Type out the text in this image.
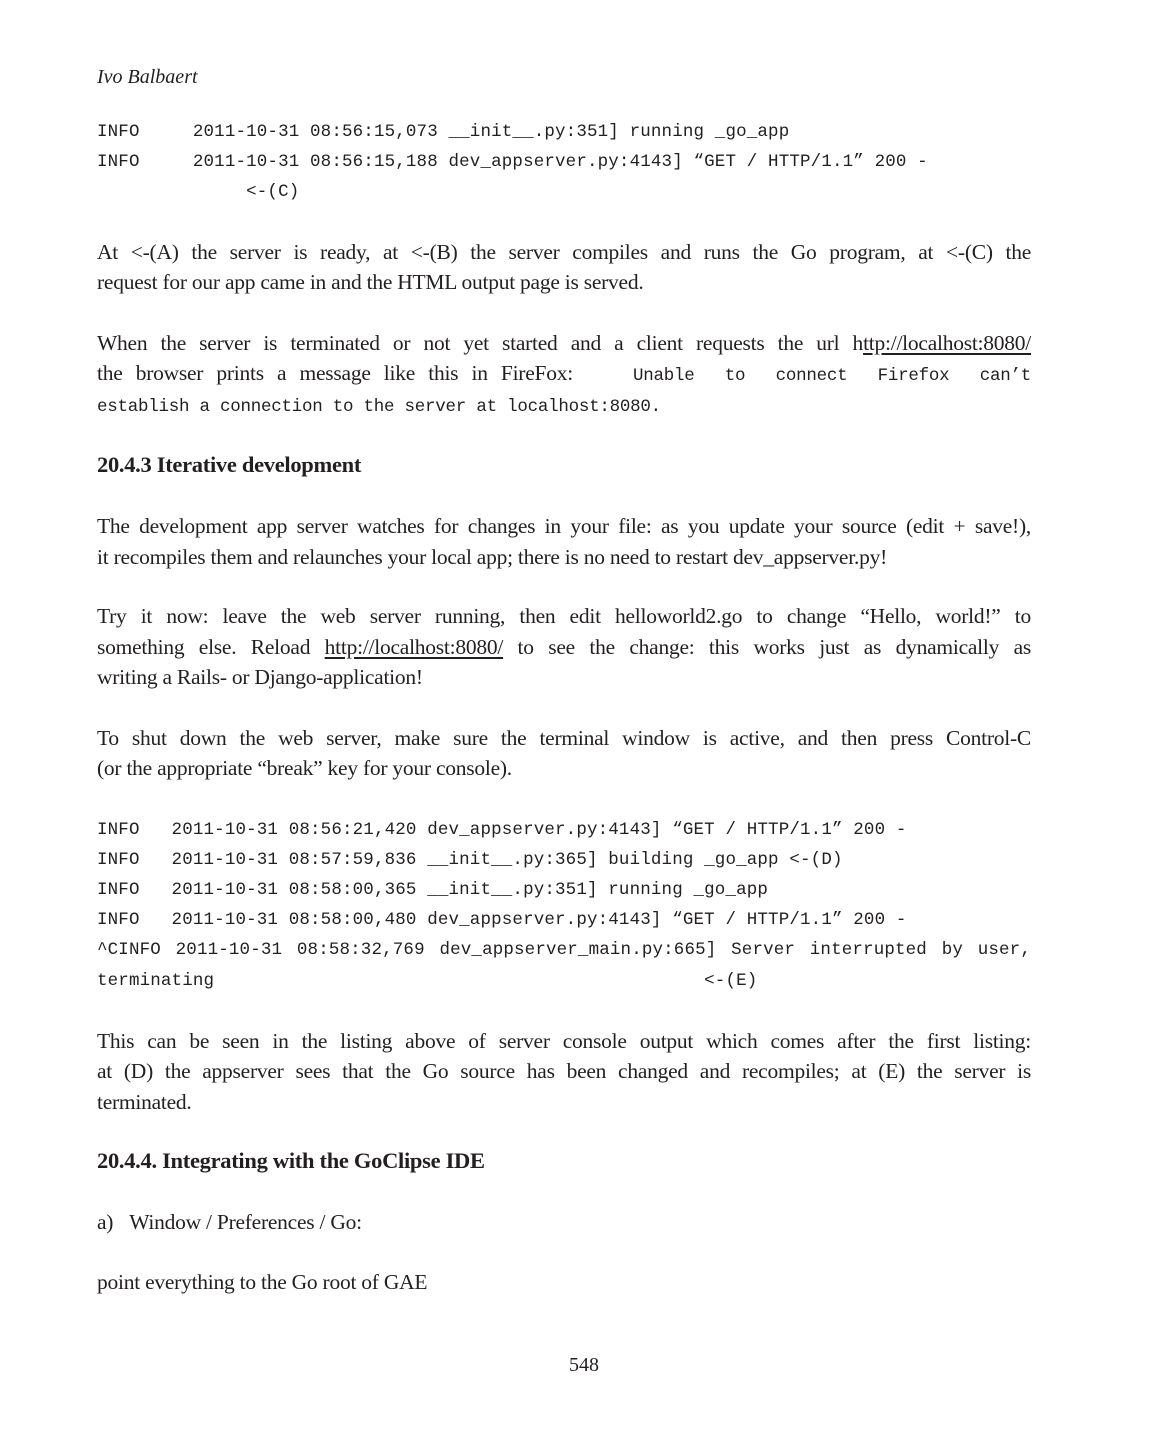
Ivo Balbaert
INFO     2011-10-31 08:56:15,073 __init__.py:351] running _go_app
INFO     2011-10-31 08:56:15,188 dev_appserver.py:4143] “GET / HTTP/1.1” 200 -
<-(C)
At <-(A) the server is ready, at <-(B) the server compiles and runs the Go program, at <-(C) the
request for our app came in and the HTML output page is served.
When the server is terminated or not yet started and a client requests the url http://localhost:8080/
the browser prints a message like this in FireFox:	Unable to connect Firefox can’t
establish a connection to the server at localhost:8080.
20.4.3 Iterative development
The development app server watches for changes in your file: as you update your source (edit + save!),
it recompiles them and relaunches your local app; there is no need to restart dev_appserver.py!
Try it now: leave the web server running, then edit helloworld2.go to change “Hello, world!” to
something else. Reload http://localhost:8080/ to see the change: this works just as dynamically as
writing a Rails- or Django-application!
To shut down the web server, make sure the terminal window is active, and then press Control-C
(or the appropriate “break” key for your console).
INFO   2011-10-31 08:56:21,420 dev_appserver.py:4143] “GET / HTTP/1.1” 200 -
INFO   2011-10-31 08:57:59,836 __init__.py:365] building _go_app <-(D)
INFO   2011-10-31 08:58:00,365 __init__.py:351] running _go_app
INFO   2011-10-31 08:58:00,480 dev_appserver.py:4143] “GET / HTTP/1.1” 200 -
^CINFO 2011-10-31 08:58:32,769 dev_appserver_main.py:665] Server interrupted by user,
terminating                                              <-(E)
This can be seen in the listing above of server console output which comes after the first listing:
at (D) the appserver sees that the Go source has been changed and recompiles; at (E) the server is
terminated.
20.4.4. Integrating with the GoClipse IDE
a) Window / Preferences / Go:
point everything to the Go root of GAE
548
